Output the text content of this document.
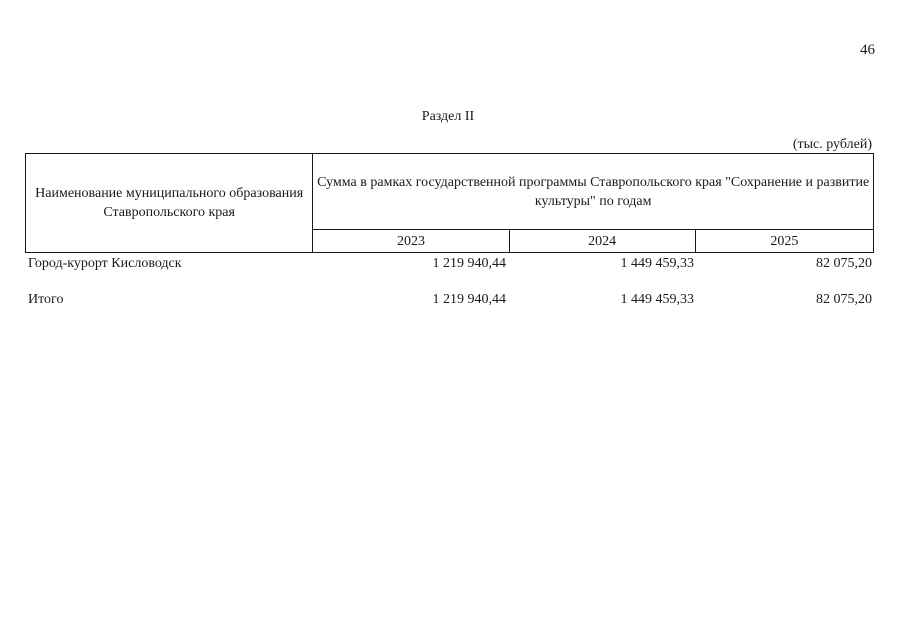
46
Раздел II
(тыс. рублей)
Наименование муниципального образования Ставропольского края	Сумма в рамках государственной программы Ставропольского края "Сохранение и развитие культуры" по годам		
	2023	2024	2025
Город-курорт Кисловодск	1 219 940,44	1 449 459,33	82 075,20
Итого	1 219 940,44	1 449 459,33	82 075,20
